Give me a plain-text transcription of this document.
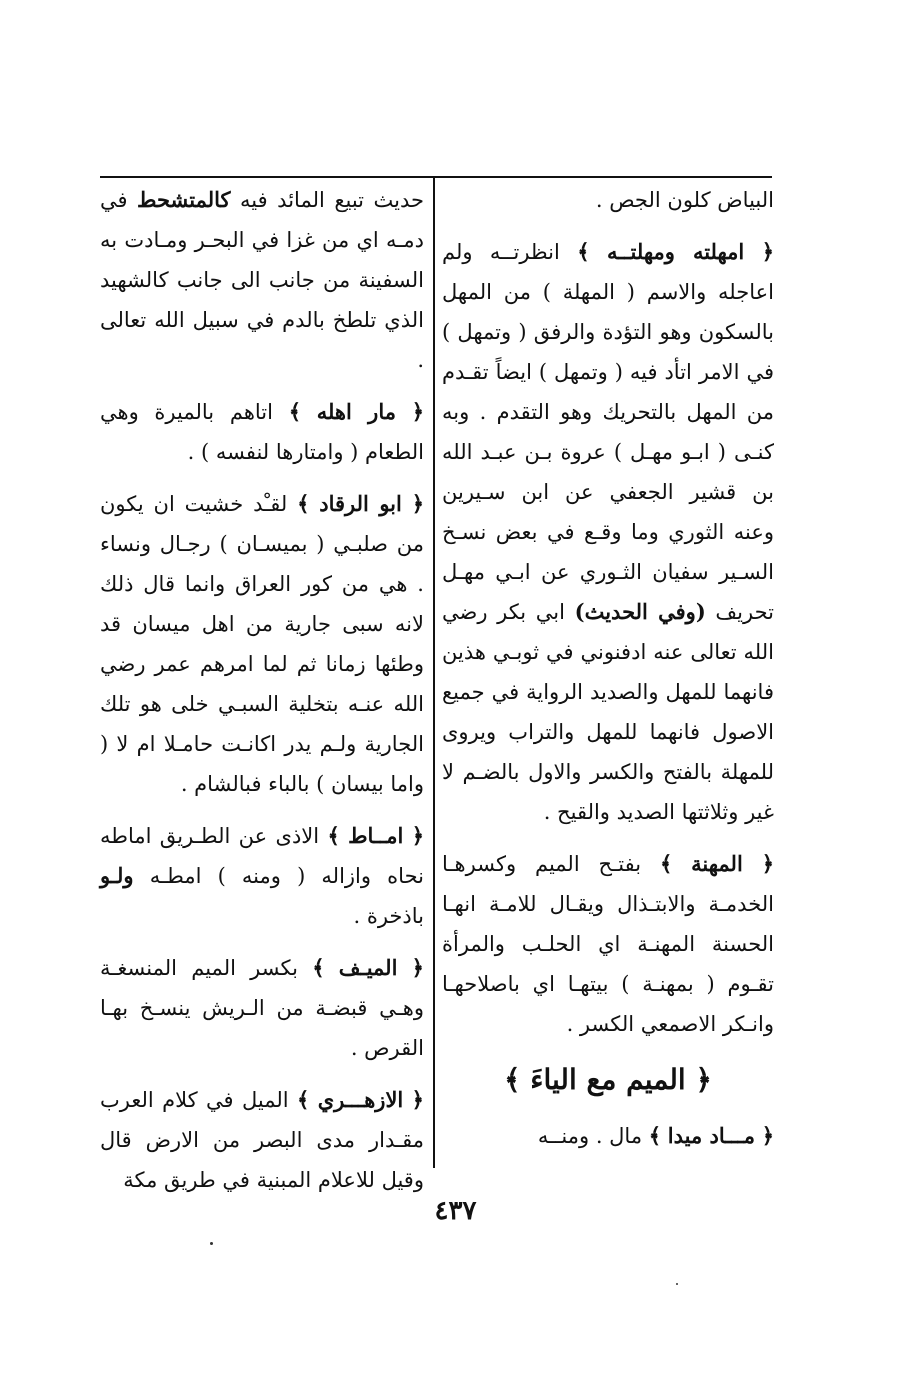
البياض كلون الجص .

﴿ امهلته ومهلتــه ﴾ انظرتــه ولم اعاجله والاسم ( المهلة ) من المهل بالسكون وهو التؤدة والرفق ( وتمهل ) في الامر اتأد فيه ( وتمهل ) ايضاً تقـدم من المهل بالتحريك وهو التقدم . وبه كنـى ( ابـو مهـل ) عروة بـن عبـد الله بن قشير الجعفي عن ابن سـيرين وعنه الثوري وما وقـع في بعض نسـخ السـير سفيان الثـوري عن ابـي مهـل تحريف (وفي الحديث) ابي بكر رضي الله تعالى عنه ادفنوني في ثوبـي هذين فانهما للمهل والصديد الرواية في جميع الاصول فانهما للمهل والتراب ويروى للمهلة بالفتح والكسر والاول بالضـم لا غير وثلاثتها الصديد والقيح .

﴿ المهنة ﴾ بفتـح الميم وكسرهـا الخدمـة والابتـذال ويقـال للامـة انهـا الحسنة المهنـة اي الحلـب والمرأة تقـوم ( بمهنـة ) بيتهـا اي باصلاحهـا وانـكر الاصمعي الكسر .

﴿ الميم مع الياءَ ﴾

﴿ مـــاد ميدا ﴾ مال . ومنــه

حديث تبيع المائد فيه كالمتشحط في دمـه اي من غزا في البحـر ومـادت به السفينة من جانب الى جانب كالشهيد الذي تلطخ بالدم في سبيل الله تعالى .

﴿ مار اهله ﴾ اتاهم بالميرة وهي الطعام ( وامتارها لنفسه ) .

﴿ ابو الرقاد ﴾ لقـْد خشيت ان يكون من صلبـي ( بميسـان ) رجـال ونساء . هي من كور العراق وانما قال ذلك لانه سبى جارية من اهل ميسان قد وطئها زمانا ثم لما امرهم عمر رضي الله عنـه بتخلية السبـي خلى هو تلك الجارية ولـم يدر اكانـت حامـلا ام لا ( واما بيسان ) بالباء فبالشام .

﴿ امــاط ﴾ الاذى عن الطـريق اماطه نحاه وازاله ( ومنه ) امطـه ولـو باذخرة .

﴿ الميـف ﴾ بكسر الميم المنسغـة وهـي قبضـة من الـريش ينسـخ بهـا القرص .

﴿ الازهـــري ﴾ الميل في كلام العرب مقـدار مدى البصر من الارض قال وقيل للاعلام المبنية في طريق مكة

٤٣٧
